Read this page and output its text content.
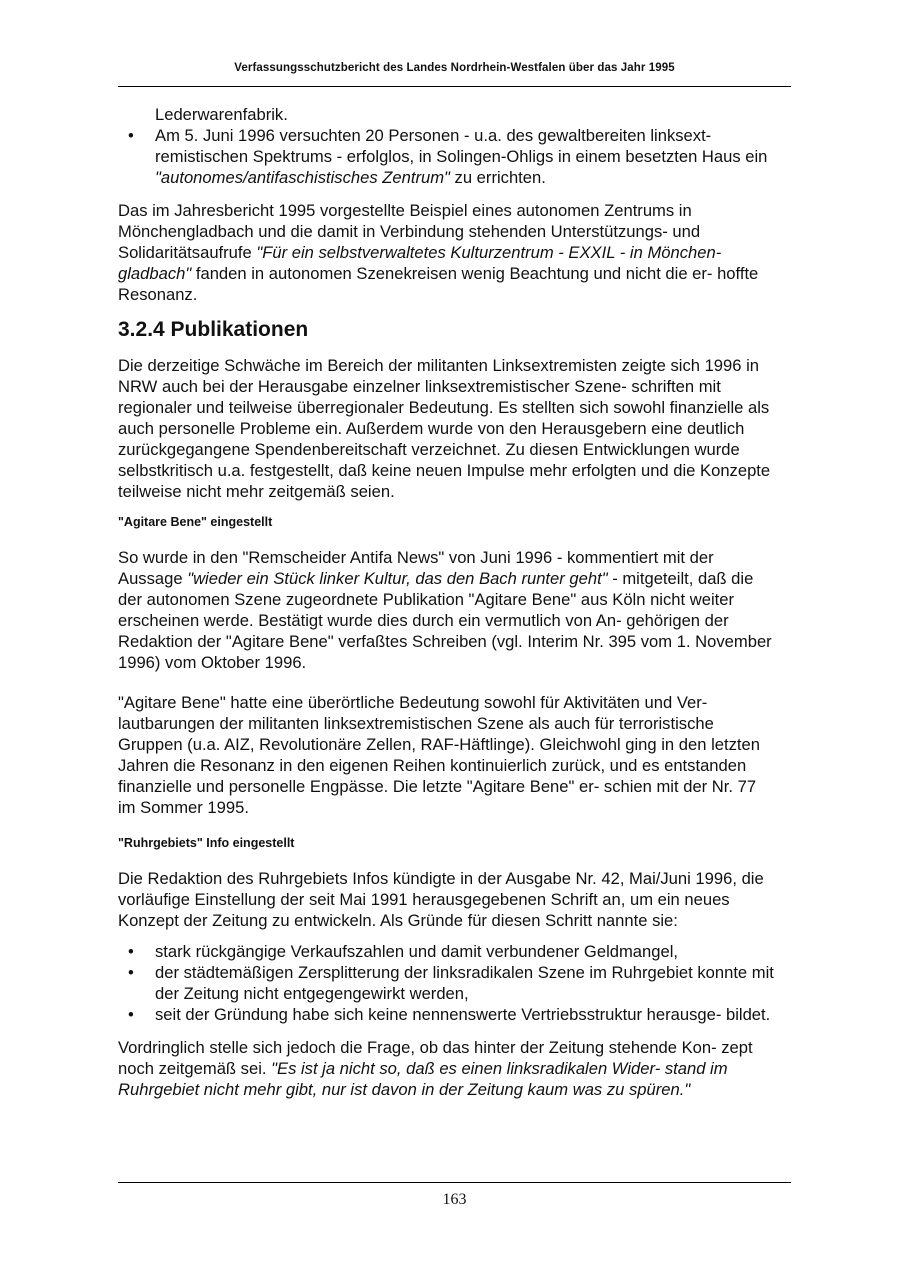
Verfassungsschutzbericht des Landes Nordrhein-Westfalen über das Jahr 1995

Lederwarenfabrik.

• Am 5. Juni 1996 versuchten 20 Personen - u.a. des gewaltbereiten linksext- remistischen Spektrums - erfolglos, in Solingen-Ohligs in einem besetzten Haus ein "autonomes/antifaschistisches Zentrum" zu errichten.

Das im Jahresbericht 1995 vorgestellte Beispiel eines autonomen Zentrums in Mönchengladbach und die damit in Verbindung stehenden Unterstützungs- und Solidaritätsaufrufe "Für ein selbstverwaltetes Kulturzentrum - EXXIL - in Mönchen- gladbach" fanden in autonomen Szenekreisen wenig Beachtung und nicht die er- hoffte Resonanz.

3.2.4 Publikationen

Die derzeitige Schwäche im Bereich der militanten Linksextremisten zeigte sich 1996 in NRW auch bei der Herausgabe einzelner linksextremistischer Szene- schriften mit regionaler und teilweise überregionaler Bedeutung. Es stellten sich sowohl finanzielle als auch personelle Probleme ein. Außerdem wurde von den Herausgebern eine deutlich zurückgegangene Spendenbereitschaft verzeichnet. Zu diesen Entwicklungen wurde selbstkritisch u.a. festgestellt, daß keine neuen Impulse mehr erfolgten und die Konzepte teilweise nicht mehr zeitgemäß seien.

"Agitare Bene" eingestellt

So wurde in den "Remscheider Antifa News" von Juni 1996 - kommentiert mit der Aussage "wieder ein Stück linker Kultur, das den Bach runter geht" - mitgeteilt, daß die der autonomen Szene zugeordnete Publikation "Agitare Bene" aus Köln nicht weiter erscheinen werde. Bestätigt wurde dies durch ein vermutlich von An- gehörigen der Redaktion der "Agitare Bene" verfaßtes Schreiben (vgl. Interim Nr. 395 vom 1. November 1996) vom Oktober 1996.

"Agitare Bene" hatte eine überörtliche Bedeutung sowohl für Aktivitäten und Ver- lautbarungen der militanten linksextremistischen Szene als auch für terroristische Gruppen (u.a. AIZ, Revolutionäre Zellen, RAF-Häftlinge). Gleichwohl ging in den letzten Jahren die Resonanz in den eigenen Reihen kontinuierlich zurück, und es entstanden finanzielle und personelle Engpässe. Die letzte "Agitare Bene" er- schien mit der Nr. 77 im Sommer 1995.

"Ruhrgebiets" Info eingestellt

Die Redaktion des Ruhrgebiets Infos kündigte in der Ausgabe Nr. 42, Mai/Juni 1996, die vorläufige Einstellung der seit Mai 1991 herausgegebenen Schrift an, um ein neues Konzept der Zeitung zu entwickeln. Als Gründe für diesen Schritt nannte sie:

• stark rückgängige Verkaufszahlen und damit verbundener Geldmangel,
• der städtemäßigen Zersplitterung der linksradikalen Szene im Ruhrgebiet konnte mit der Zeitung nicht entgegengewirkt werden,
• seit der Gründung habe sich keine nennenswerte Vertriebsstruktur herausge- bildet.

Vordringlich stelle sich jedoch die Frage, ob das hinter der Zeitung stehende Kon- zept noch zeitgemäß sei. "Es ist ja nicht so, daß es einen linksradikalen Wider- stand im Ruhrgebiet nicht mehr gibt, nur ist davon in der Zeitung kaum was zu spüren."

163
